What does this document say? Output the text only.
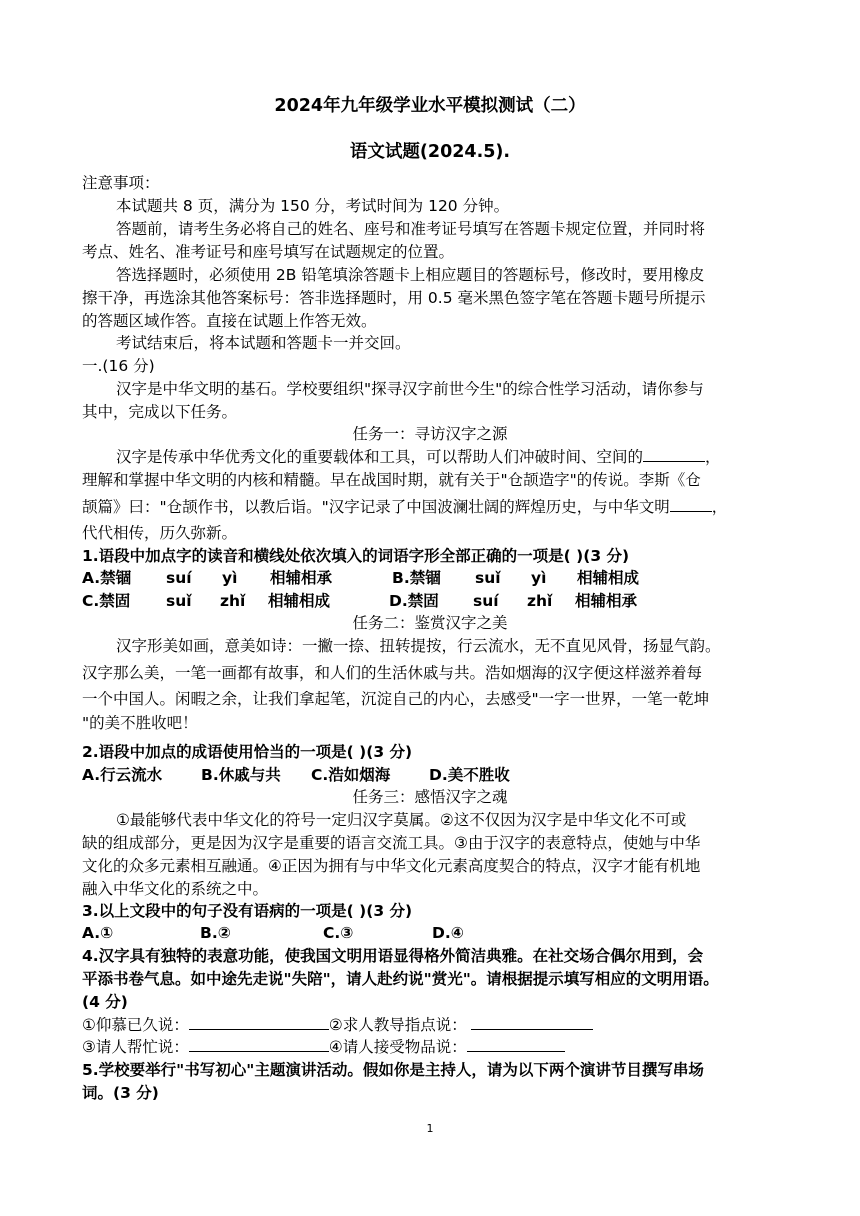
2024年九年级学业水平模拟测试（二）
语文试题(2024.5).
注意事项：
本试题共 8 页，满分为 150 分，考试时间为 120 分钟。
答题前，请考生务必将自己的姓名、座号和准考证号填写在答题卡规定位置，并同时将
考点、姓名、准考证号和座号填写在试题规定的位置。
答选择题时，必须使用 2B 铅笔填涂答题卡上相应题目的答题标号，修改时，要用橡皮
擦干净，再选涂其他答案标号：答非选择题时，用 0.5 毫米黑色签字笔在答题卡题号所提示
的答题区域作答。直接在试题上作答无效。
考试结束后，将本试题和答题卡一并交回。
一.(16 分)
汉字是中华文明的基石。学校要组织"探寻汉字前世今生"的综合性学习活动，请你参与
其中，完成以下任务。
任务一：寻访汉字之源
汉字是传承中华优秀文化的重要载体和工具，可以帮助人们冲破时间、空间的	，
理解和掌握中华文明的内核和精髓。早在战国时期，就有关于"仓颉造字"的传说。李斯《仓
颉篇》曰："仓颉作书，以教后诣。"汉字记录了中国波澜壮阔的辉煌历史，与中华文明	，
代代相传，历久弥新。
1.语段中加点字的读音和横线处依次填入的词语字形全部正确的一项是( )(3 分)
A.禁锢 suí yì 相辅相承	B.禁锢 suǐ yì 相辅相成
C.禁固 suǐ zhǐ 相辅相成	D.禁固 suí zhǐ 相辅相承
任务二：鉴赏汉字之美
汉字形美如画，意美如诗：一撇一捺、扭转提按，行云流水，无不直见风骨，扬显气韵。
汉字那么美，一笔一画都有故事，和人们的生活休戚与共。浩如烟海的汉字便这样滋养着每
一个中国人。闲暇之余，让我们拿起笔，沉淀自己的内心，去感受"一字一世界，一笔一乾坤
"的美不胜收吧！
2.语段中加点的成语使用恰当的一项是( )(3 分)
A.行云流水	B.休戚与共 C.浩如烟海 D.美不胜收
任务三：感悟汉字之魂
①最能够代表中华文化的符号一定归汉字莫属。②这不仅因为汉字是中华文化不可或
缺的组成部分，更是因为汉字是重要的语言交流工具。③由于汉字的表意特点，使她与中华
文化的众多元素相互融通。④正因为拥有与中华文化元素高度契合的特点，汉字才能有机地
融入中华文化的系统之中。
3.以上文段中的句子没有语病的一项是( )(3 分)
A.①	B.②	C.③	D.④
4.汉字具有独特的表意功能，使我国文明用语显得格外简洁典雅。在社交场合偶尔用到，会
平添书卷气息。如中途先走说"失陪"，请人赴约说"赏光"。请根据提示填写相应的文明用语。
(4 分)
①仰慕已久说：	②求人教导指点说：
③请人帮忙说：	④请人接受物品说：
5.学校要举行"书写初心"主题演讲活动。假如你是主持人，请为以下两个演讲节目撰写串场
词。(3 分)
1
